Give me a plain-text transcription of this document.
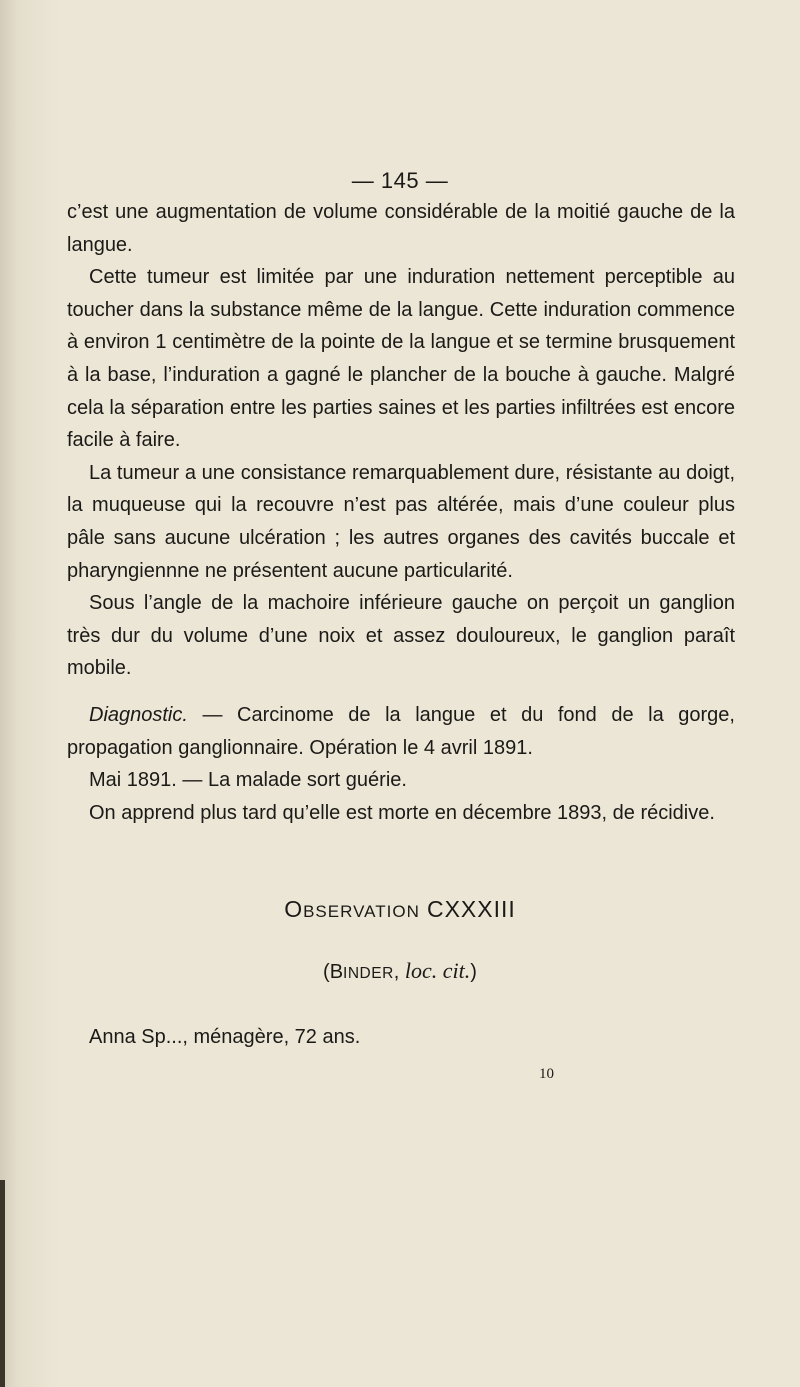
— 145 —

c’est une augmentation de volume considérable de la moitié gauche de la langue.

Cette tumeur est limitée par une induration nettement perceptible au toucher dans la substance même de la langue. Cette induration commence à environ 1 centimètre de la pointe de la langue et se termine brusquement à la base, l’induration a gagné le plancher de la bouche à gauche. Malgré cela la séparation entre les parties saines et les parties infiltrées est encore facile à faire.

La tumeur a une consistance remarquablement dure, résistante au doigt, la muqueuse qui la recouvre n’est pas altérée, mais d’une couleur plus pâle sans aucune ulcération ; les autres organes des cavités buccale et pharyngiennne ne présentent aucune particularité.

Sous l’angle de la machoire inférieure gauche on perçoit un ganglion très dur du volume d’une noix et assez douloureux, le ganglion paraît mobile.

Diagnostic. — Carcinome de la langue et du fond de la gorge, propagation ganglionnaire. Opération le 4 avril 1891.

Mai 1891. — La malade sort guérie.

On apprend plus tard qu’elle est morte en décembre 1893, de récidive.

OBSERVATION CXXXIII
(BINDER, loc. cit.)
Anna Sp..., ménagère, 72 ans.
10
